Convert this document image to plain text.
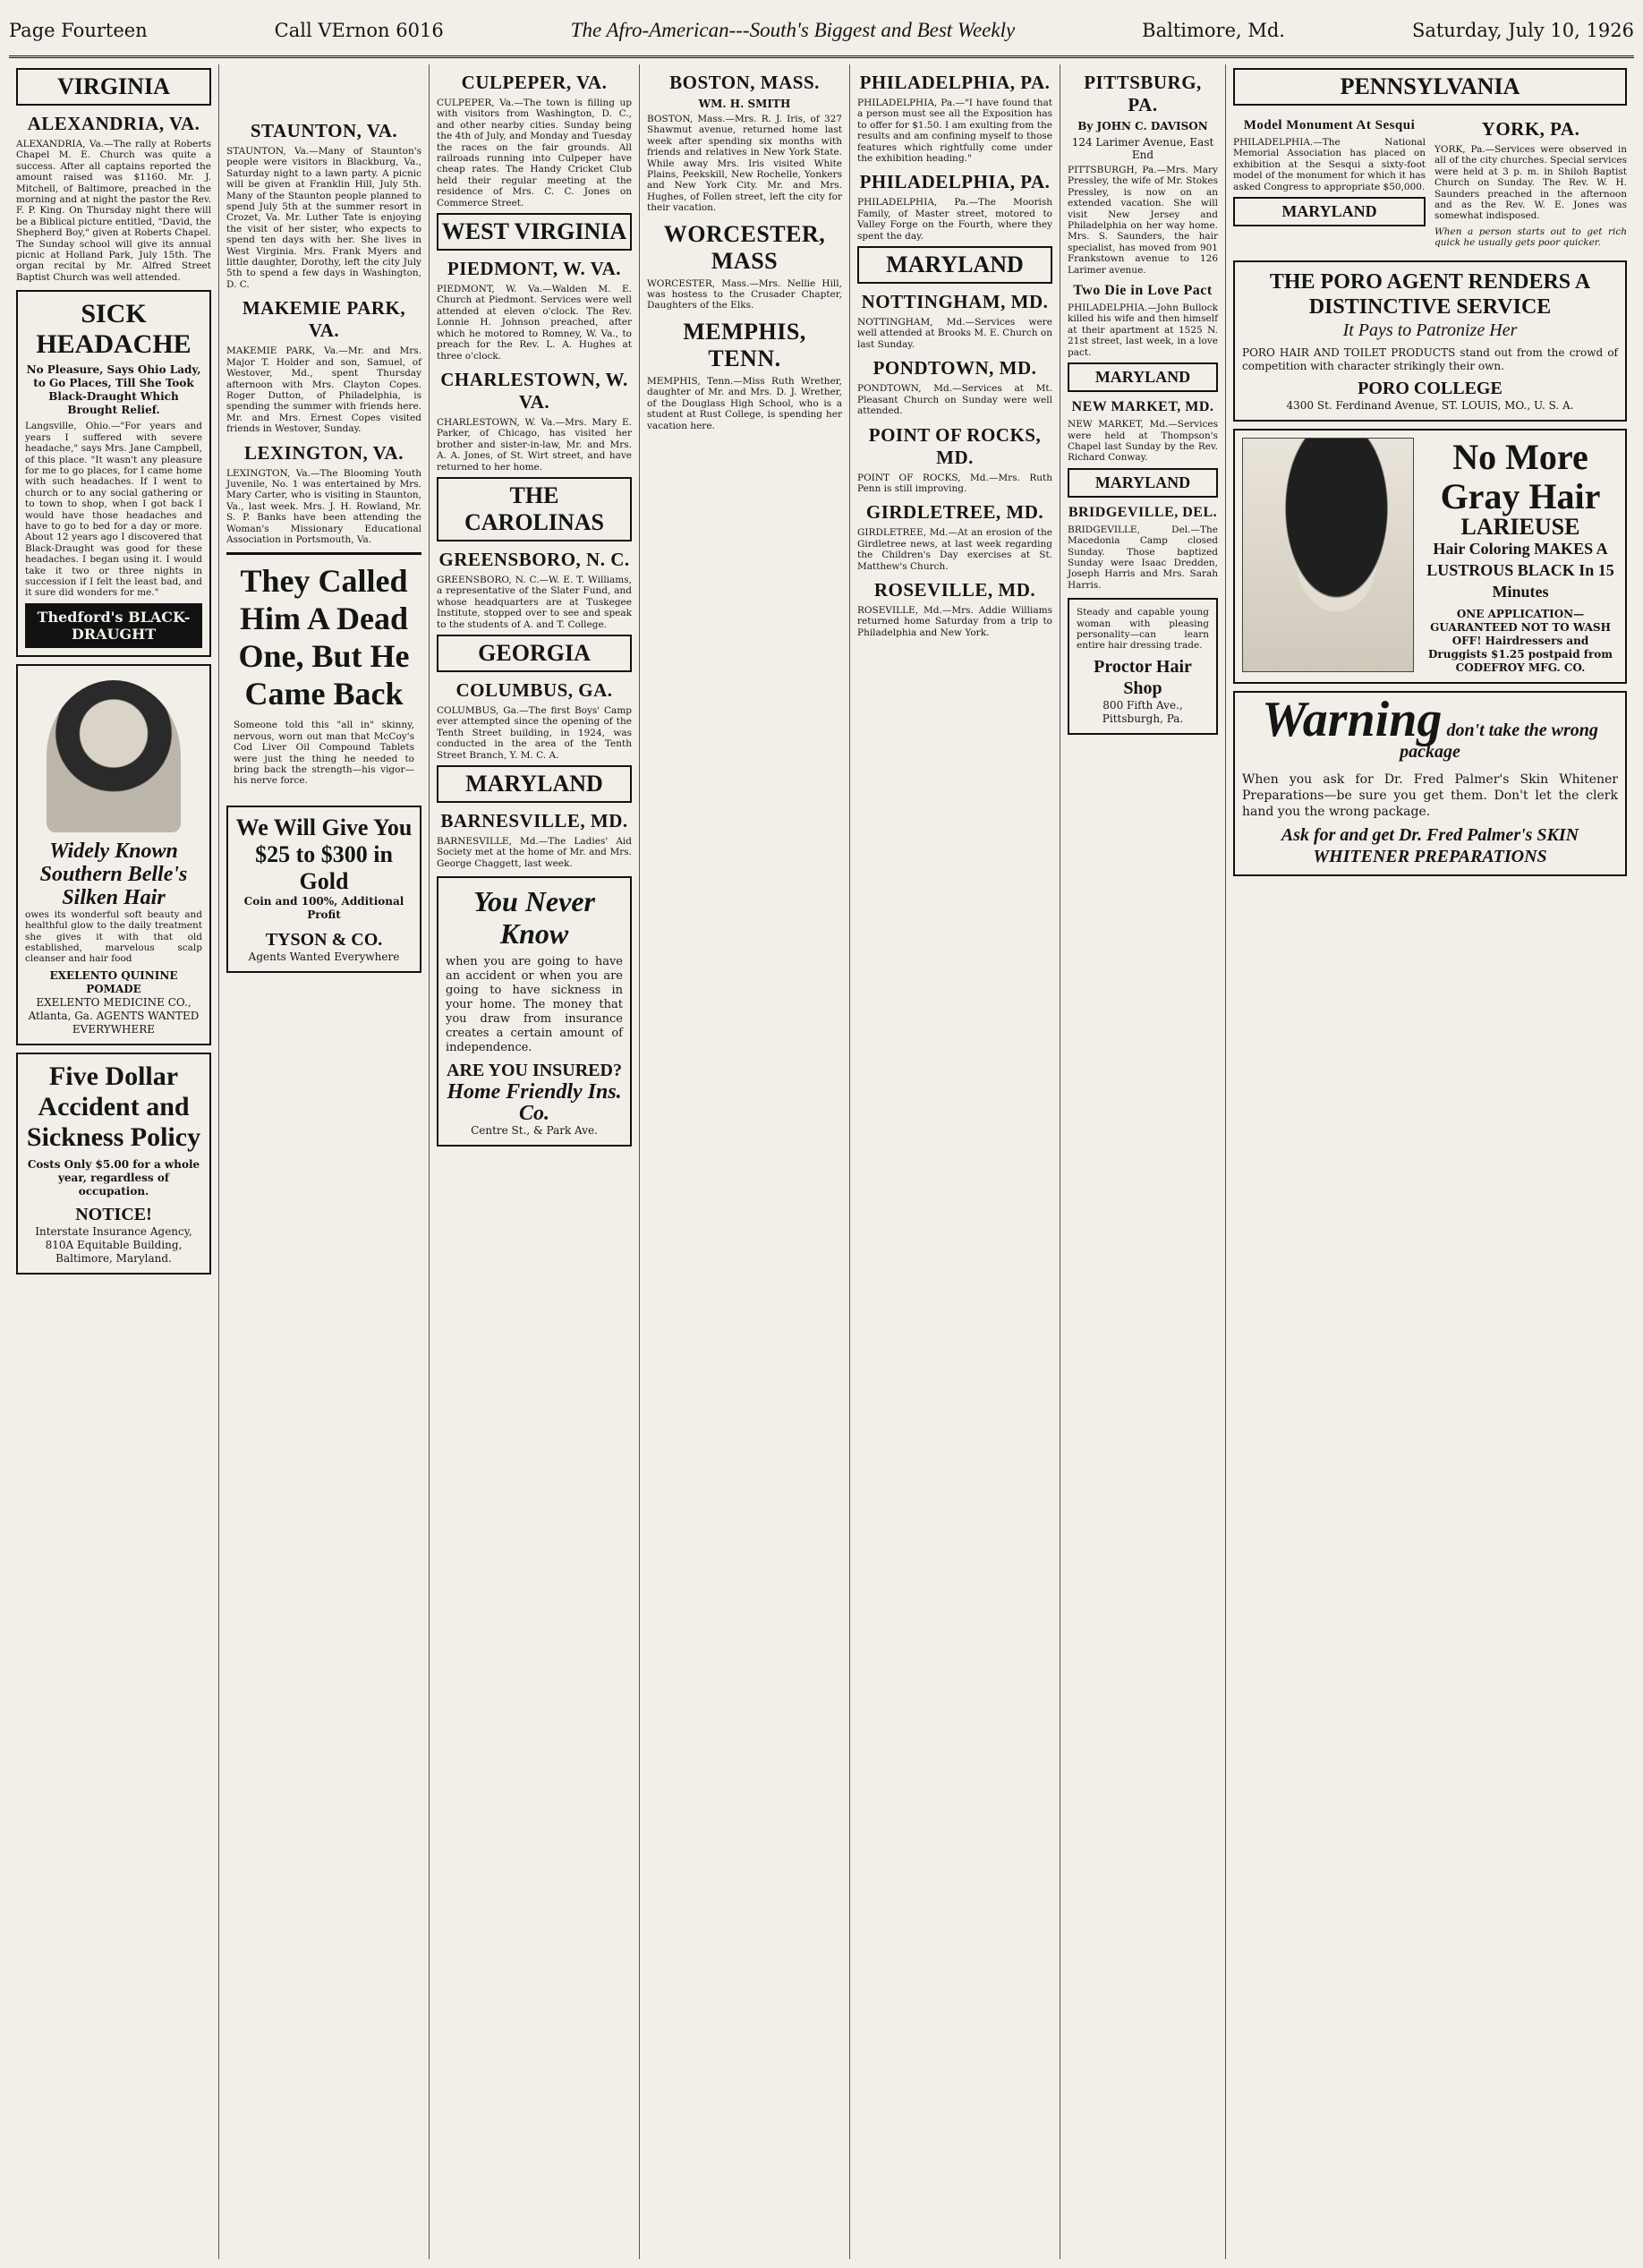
Page Fourteen	Call VErnon 6016	The Afro-American---South's Biggest and Best Weekly	Baltimore, Md.	Saturday, July 10, 1926
VIRGINIA
ALEXANDRIA, VA.

ALEXANDRIA, Va.—The rally at Roberts Chapel M. E. Church was quite a success. After all captains reported the amount raised was $1160. Mr. J. Mitchell, of Baltimore, preached in the morning and at night the pastor the Rev. F. P. King. On Thursday night there will be a Biblical picture entitled, "David, the Shepherd Boy," given at Roberts Chapel. The Sunday school will give its annual picnic at Holland Park, July 15th. The organ recital by Mr. Alfred Street Baptist Church was well attended.

SICK HEADACHE
No Pleasure, Says Ohio Lady, to Go Places, Till She Took Black-Draught Which Brought Relief.

Langsville, Ohio.—"For years and years I suffered with severe headache," says Mrs. Jane Campbell, of this place. "It wasn't any pleasure for me to go places, for I came home with such headaches. If I went to church or to any social gathering or to town to shop, when I got back I would have those headaches and have to go to bed for a day or more. About 12 years ago I discovered that Black-Draught was good for these headaches. I began using it. I would take it two or three nights in succession if I felt the least bad, and it sure did wonders for me."

Thedford's BLACK-DRAUGHT
Widely Known Southern Belle's Silken Hair

owes its wonderful soft beauty and healthful glow to the daily treatment she gives it with that old established, marvelous scalp cleanser and hair food

EXELENTO QUININE POMADE
EXELENTO MEDICINE CO., Atlanta, Ga. AGENTS WANTED EVERYWHERE
Five Dollar Accident and Sickness Policy
Costs Only $5.00 for a whole year, regardless of occupation.
NOTICE!
Interstate Insurance Agency, 810A Equitable Building, Baltimore, Maryland.
STAUNTON, VA.

STAUNTON, Va.—Many of Staunton's people were visitors in Blackburg, Va., Saturday night to a lawn party. A picnic will be given at Franklin Hill, July 5th. Many of the Staunton people planned to spend July 5th at the summer resort in Crozet, Va. Mr. Luther Tate is enjoying the visit of her sister, who expects to spend ten days with her. She lives in West Virginia. Mrs. Frank Myers and little daughter, Dorothy, left the city July 5th to spend a few days in Washington, D. C.

MAKEMIE PARK, VA.

MAKEMIE PARK, Va.—Mr. and Mrs. Major T. Holder and son, Samuel, of Westover, Md., spent Thursday afternoon with Mrs. Clayton Copes. Roger Dutton, of Philadelphia, is spending the summer with friends here. Mr. and Mrs. Ernest Copes visited friends in Westover, Sunday.

LEXINGTON, VA.

LEXINGTON, Va.—The Blooming Youth Juvenile, No. 1 was entertained by Mrs. Mary Carter, who is visiting in Staunton, Va., last week. Mrs. J. H. Rowland, Mr. S. P. Banks have been attending the Woman's Missionary Educational Association in Portsmouth, Va.

They Called Him A Dead One, But He Came Back

Someone told this "all in" skinny, nervous, worn out man that McCoy's Cod Liver Oil Compound Tablets were just the thing he needed to bring back the strength—his vigor—his nerve force.

We Will Give You $25 to $300 in Gold
Coin and 100%, Additional Profit
TYSON & CO.
Agents Wanted Everywhere
CULPEPER, VA.

CULPEPER, Va.—The town is filling up with visitors from Washington, D. C., and other nearby cities. Sunday being the 4th of July, and Monday and Tuesday the races on the fair grounds. All railroads running into Culpeper have cheap rates. The Handy Cricket Club held their regular meeting at the residence of Mrs. C. C. Jones on Commerce Street.

WEST VIRGINIA
PIEDMONT, W. VA.

PIEDMONT, W. Va.—Walden M. E. Church at Piedmont. Services were well attended at eleven o'clock. The Rev. Lonnie H. Johnson preached, after which he motored to Romney, W. Va., to preach for the Rev. L. A. Hughes at three o'clock.

CHARLESTOWN, W. VA.

CHARLESTOWN, W. Va.—Mrs. Mary E. Parker, of Chicago, has visited her brother and sister-in-law, Mr. and Mrs. A. A. Jones, of St. Wirt street, and have returned to her home.

THE CAROLINAS
GREENSBORO, N. C.

GREENSBORO, N. C.—W. E. T. Williams, a representative of the Slater Fund, and whose headquarters are at Tuskegee Institute, stopped over to see and speak to the students of A. and T. College.

GEORGIA
COLUMBUS, GA.

COLUMBUS, Ga.—The first Boys' Camp ever attempted since the opening of the Tenth Street building, in 1924, was conducted in the area of the Tenth Street Branch, Y. M. C. A.

MARYLAND
BARNESVILLE, MD.

BARNESVILLE, Md.—The Ladies' Aid Society met at the home of Mr. and Mrs. George Chaggett, last week.

You Never Know

when you are going to have an accident or when you are going to have sickness in your home. The money that you draw from insurance creates a certain amount of independence.

ARE YOU INSURED?
Home Friendly Ins. Co.
Centre St., & Park Ave.
BOSTON, MASS.
WM. H. SMITH

BOSTON, Mass.—Mrs. R. J. Iris, of 327 Shawmut avenue, returned home last week after spending six months with friends and relatives in New York State. While away Mrs. Iris visited White Plains, Peekskill, New Rochelle, Yonkers and New York City. Mr. and Mrs. Hughes, of Follen street, left the city for their vacation.

WORCESTER, MASS

WORCESTER, Mass.—Mrs. Nellie Hill, was hostess to the Crusader Chapter, Daughters of the Elks.

MEMPHIS, TENN.

MEMPHIS, Tenn.—Miss Ruth Wrether, daughter of Mr. and Mrs. D. J. Wrether, of the Douglass High School, who is a student at Rust College, is spending her vacation here.

PHILADELPHIA, PA.

PHILADELPHIA, Pa.—"I have found that a person must see all the Exposition has to offer for $1.50. I am exulting from the results and am confining myself to those features which rightfully come under the exhibition heading."

PHILADELPHIA, PA.

PHILADELPHIA, Pa.—The Moorish Family, of Master street, motored to Valley Forge on the Fourth, where they spent the day.

MARYLAND
NOTTINGHAM, MD.

NOTTINGHAM, Md.—Services were well attended at Brooks M. E. Church on last Sunday.

PONDTOWN, MD.

PONDTOWN, Md.—Services at Mt. Pleasant Church on Sunday were well attended.

POINT OF ROCKS, MD.

POINT OF ROCKS, Md.—Mrs. Ruth Penn is still improving.

GIRDLETREE, MD.

GIRDLETREE, Md.—At an erosion of the Girdletree news, at last week regarding the Children's Day exercises at St. Matthew's Church.

ROSEVILLE, MD.

ROSEVILLE, Md.—Mrs. Addie Williams returned home Saturday from a trip to Philadelphia and New York.

PITTSBURG, PA.
By JOHN C. DAVISON
124 Larimer Avenue, East End

PITTSBURGH, Pa.—Mrs. Mary Pressley, the wife of Mr. Stokes Pressley, is now on an extended vacation. She will visit New Jersey and Philadelphia on her way home. Mrs. S. Saunders, the hair specialist, has moved from 901 Frankstown avenue to 126 Larimer avenue.

Two Die in Love Pact

PHILADELPHIA.—John Bullock killed his wife and then himself at their apartment at 1525 N. 21st street, last week, in a love pact.

MARYLAND
NEW MARKET, MD.

NEW MARKET, Md.—Services were held at Thompson's Chapel last Sunday by the Rev. Richard Conway.

MARYLAND
BRIDGEVILLE, DEL.

BRIDGEVILLE, Del.—The Macedonia Camp closed Sunday. Those baptized Sunday were Isaac Dredden, Joseph Harris and Mrs. Sarah Harris.

Steady and capable young woman with pleasing personality—can learn entire hair dressing trade.

Proctor Hair Shop
800 Fifth Ave., Pittsburgh, Pa.
PENNSYLVANIA
Model Monument At Sesqui

PHILADELPHIA.—The National Memorial Association has placed on exhibition at the Sesqui a sixty-foot model of the monument for which it has asked Congress to appropriate $50,000.

MARYLAND
YORK, PA.

YORK, Pa.—Services were observed in all of the city churches. Special services were held at 3 p. m. in Shiloh Baptist Church on Sunday. The Rev. W. H. Saunders preached in the afternoon and as the Rev. W. E. Jones was somewhat indisposed.

When a person starts out to get rich quick he usually gets poor quicker.

THE PORO AGENT RENDERS A DISTINCTIVE SERVICE
It Pays to Patronize Her

PORO HAIR AND TOILET PRODUCTS stand out from the crowd of competition with character strikingly their own.

PORO COLLEGE
4300 St. Ferdinand Avenue, ST. LOUIS, MO., U. S. A.
No More Gray Hair
LARIEUSE
Hair Coloring MAKES A LUSTROUS BLACK In 15 Minutes
ONE APPLICATION—GUARANTEED NOT TO WASH OFF! Hairdressers and Druggists $1.25 postpaid from
CODEFROY MFG. CO.
Warning don't take the wrong package

When you ask for Dr. Fred Palmer's Skin Whitener Preparations—be sure you get them. Don't let the clerk hand you the wrong package.

Ask for and get Dr. Fred Palmer's SKIN WHITENER PREPARATIONS
